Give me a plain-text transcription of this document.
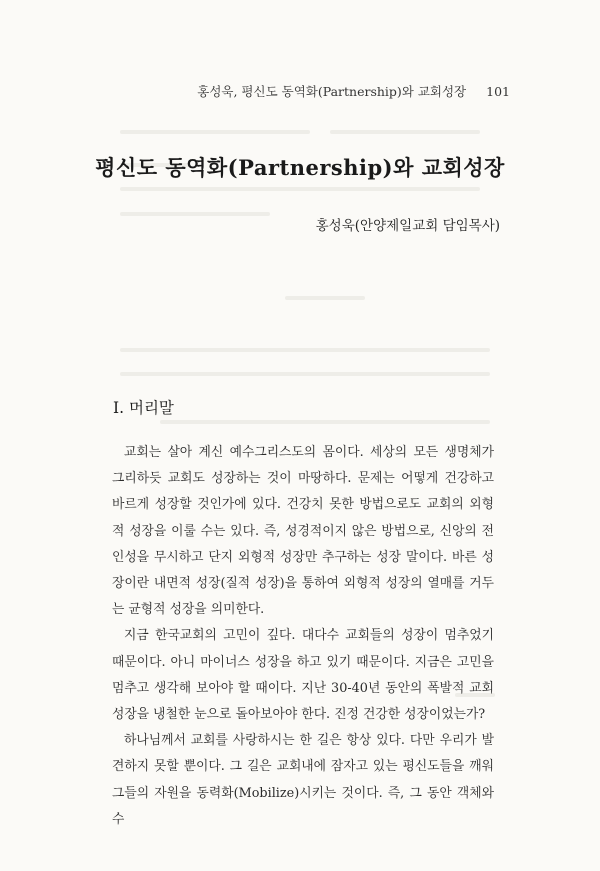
홍성욱, 평신도 동역화(Partnership)와 교회성장 101
평신도 동역화(Partnership)와 교회성장
홍성욱(안양제일교회 담임목사)
I. 머리말

교회는 살아 계신 예수그리스도의 몸이다. 세상의 모든 생명체가 그리하듯 교회도 성장하는 것이 마땅하다. 문제는 어떻게 건강하고 바르게 성장할 것인가에 있다. 건강치 못한 방법으로도 교회의 외형적 성장을 이룰 수는 있다. 즉, 성경적이지 않은 방법으로, 신앙의 전인성을 무시하고 단지 외형적 성장만 추구하는 성장 말이다. 바른 성장이란 내면적 성장(질적 성장)을 통하여 외형적 성장의 열매를 거두는 균형적 성장을 의미한다.

지금 한국교회의 고민이 깊다. 대다수 교회들의 성장이 멈추었기 때문이다. 아니 마이너스 성장을 하고 있기 때문이다. 지금은 고민을 멈추고 생각해 보아야 할 때이다. 지난 30-40년 동안의 폭발적 교회성장을 냉철한 눈으로 돌아보아야 한다. 진정 건강한 성장이었는가?

하나님께서 교회를 사랑하시는 한 길은 항상 있다. 다만 우리가 발견하지 못할 뿐이다. 그 길은 교회내에 잠자고 있는 평신도들을 깨워 그들의 자원을 동력화(Mobilize)시키는 것이다. 즉, 그 동안 객체와 수
